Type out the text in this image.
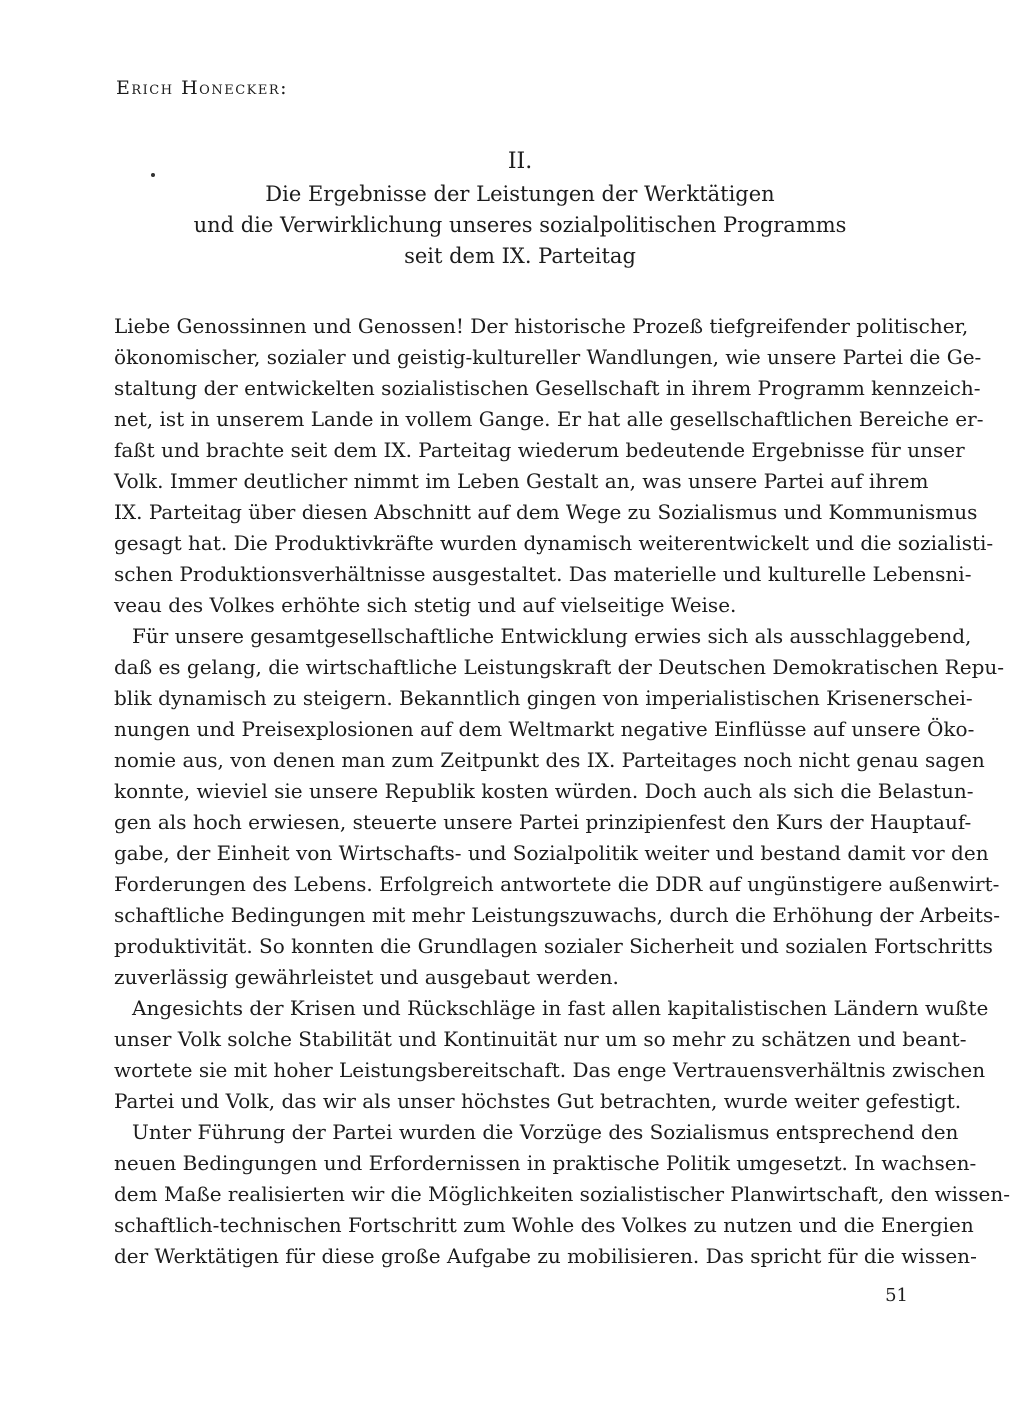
Erich Honecker:
II.
Die Ergebnisse der Leistungen der Werktätigen
und die Verwirklichung unseres sozialpolitischen Programms
seit dem IX. Parteitag
Liebe Genossinnen und Genossen! Der historische Prozeß tiefgreifender politischer,
ökonomischer, sozialer und geistig-kultureller Wandlungen, wie unsere Partei die Ge-
staltung der entwickelten sozialistischen Gesellschaft in ihrem Programm kennzeich-
net, ist in unserem Lande in vollem Gange. Er hat alle gesellschaftlichen Bereiche er-
faßt und brachte seit dem IX. Parteitag wiederum bedeutende Ergebnisse für unser
Volk. Immer deutlicher nimmt im Leben Gestalt an, was unsere Partei auf ihrem
IX. Parteitag über diesen Abschnitt auf dem Wege zu Sozialismus und Kommunismus
gesagt hat. Die Produktivkräfte wurden dynamisch weiterentwickelt und die sozialisti-
schen Produktionsverhältnisse ausgestaltet. Das materielle und kulturelle Lebensni-
veau des Volkes erhöhte sich stetig und auf vielseitige Weise.
Für unsere gesamtgesellschaftliche Entwicklung erwies sich als ausschlaggebend,
daß es gelang, die wirtschaftliche Leistungskraft der Deutschen Demokratischen Repu-
blik dynamisch zu steigern. Bekanntlich gingen von imperialistischen Krisenerschei-
nungen und Preisexplosionen auf dem Weltmarkt negative Einflüsse auf unsere Öko-
nomie aus, von denen man zum Zeitpunkt des IX. Parteitages noch nicht genau sagen
konnte, wieviel sie unsere Republik kosten würden. Doch auch als sich die Belastun-
gen als hoch erwiesen, steuerte unsere Partei prinzipienfest den Kurs der Hauptauf-
gabe, der Einheit von Wirtschafts- und Sozialpolitik weiter und bestand damit vor den
Forderungen des Lebens. Erfolgreich antwortete die DDR auf ungünstigere außenwirt-
schaftliche Bedingungen mit mehr Leistungszuwachs, durch die Erhöhung der Arbeits-
produktivität. So konnten die Grundlagen sozialer Sicherheit und sozialen Fortschritts
zuverlässig gewährleistet und ausgebaut werden.
Angesichts der Krisen und Rückschläge in fast allen kapitalistischen Ländern wußte
unser Volk solche Stabilität und Kontinuität nur um so mehr zu schätzen und beant-
wortete sie mit hoher Leistungsbereitschaft. Das enge Vertrauensverhältnis zwischen
Partei und Volk, das wir als unser höchstes Gut betrachten, wurde weiter gefestigt.
Unter Führung der Partei wurden die Vorzüge des Sozialismus entsprechend den
neuen Bedingungen und Erfordernissen in praktische Politik umgesetzt. In wachsen-
dem Maße realisierten wir die Möglichkeiten sozialistischer Planwirtschaft, den wissen-
schaftlich-technischen Fortschritt zum Wohle des Volkes zu nutzen und die Energien
der Werktätigen für diese große Aufgabe zu mobilisieren. Das spricht für die wissen-
51
